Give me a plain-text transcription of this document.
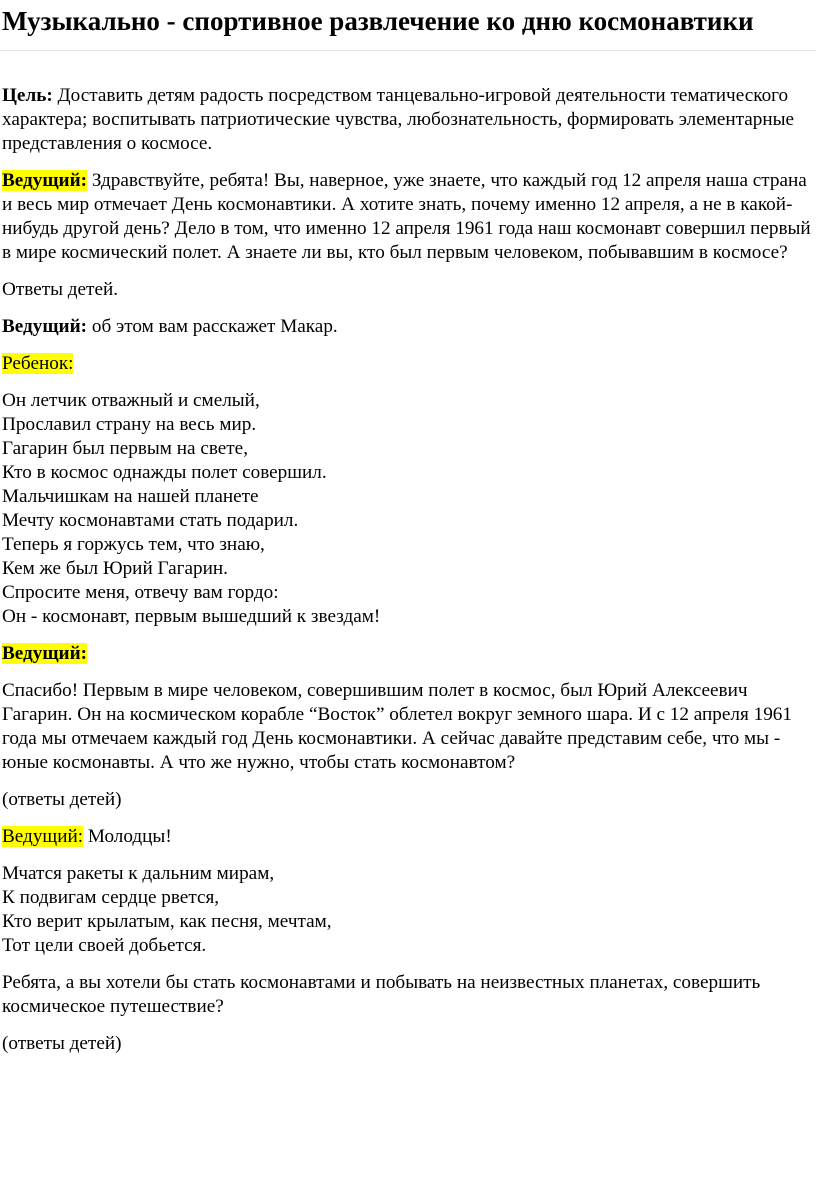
Музыкально - спортивное развлечение ко дню космонавтики

Цель: Доставить детям радость посредством танцевально-игровой деятельности тематического характера; воспитывать патриотические чувства, любознательность, формировать элементарные представления о космосе.

Ведущий: Здравствуйте, ребята! Вы, наверное, уже знаете, что каждый год 12 апреля наша страна и весь мир отмечает День космонавтики. А хотите знать, почему именно 12 апреля, а не в какой-нибудь другой день? Дело в том, что именно 12 апреля 1961 года наш космонавт совершил первый в мире космический полет. А знаете ли вы, кто был первым человеком, побывавшим в космосе?

Ответы детей.

Ведущий: об этом вам расскажет Макар.

Ребенок:

Он летчик отважный и смелый,
Прославил страну на весь мир.
Гагарин был первым на свете,
Кто в космос однажды полет совершил.
Мальчишкам на нашей планете
Мечту космонавтами стать подарил.
Теперь я горжусь тем, что знаю,
Кем же был Юрий Гагарин.
Спросите меня, отвечу вам гордо:
Он - космонавт, первым вышедший к звездам!

Ведущий:

Спасибо! Первым в мире человеком, совершившим полет в космос, был Юрий Алексеевич Гагарин. Он на космическом корабле “Восток” облетел вокруг земного шара. И с 12 апреля 1961 года мы отмечаем каждый год День космонавтики. А сейчас давайте представим себе, что мы - юные космонавты. А что же нужно, чтобы стать космонавтом?

(ответы детей)

Ведущий: Молодцы!

Мчатся ракеты к дальним мирам,
К подвигам сердце рвется,
Кто верит крылатым, как песня, мечтам,
Тот цели своей добьется.

Ребята, а вы хотели бы стать космонавтами и побывать на неизвестных планетах, совершить космическое путешествие?

(ответы детей)
